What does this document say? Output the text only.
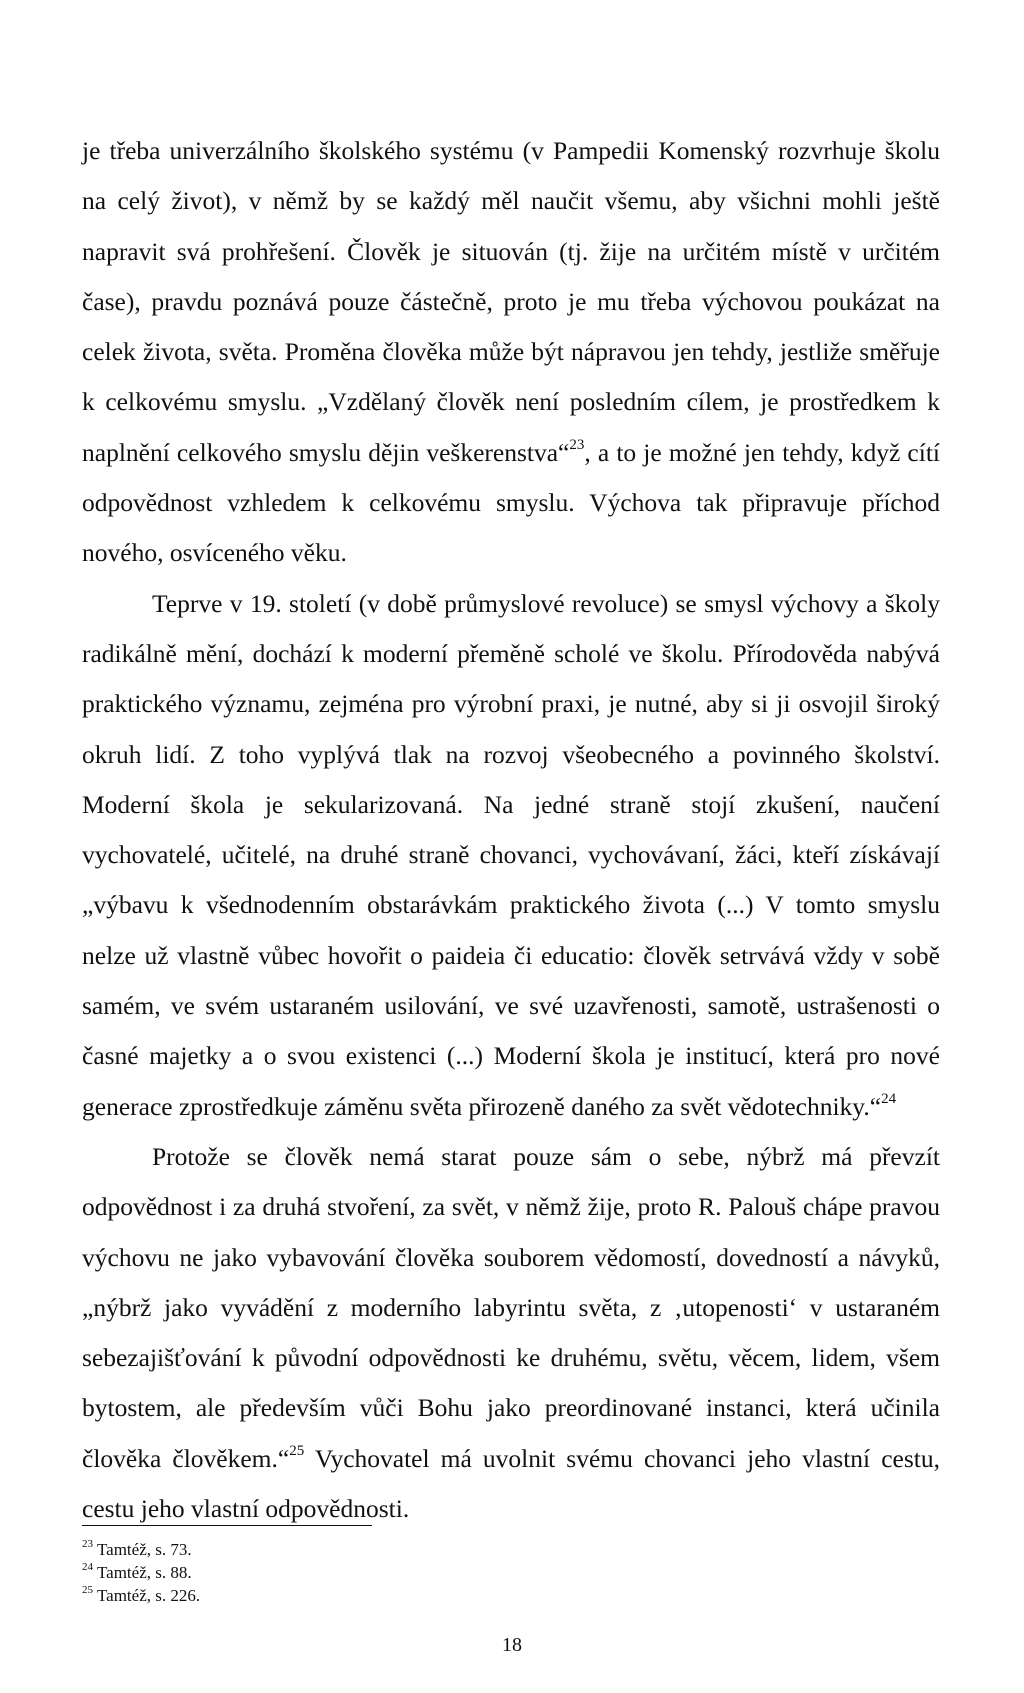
je třeba univerzálního školského systému (v Pampedii Komenský rozvrhuje školu na celý život), v němž by se každý měl naučit všemu, aby všichni mohli ještě napravit svá prohřešení. Člověk je situován (tj. žije na určitém místě v určitém čase), pravdu poznává pouze částečně, proto je mu třeba výchovou poukázat na celek života, světa. Proměna člověka může být nápravou jen tehdy, jestliže směřuje k celkovému smyslu. „Vzdělaný člověk není posledním cílem, je prostředkem k naplnění celkového smyslu dějin veškerenstva“$^{23}$, a to je možné jen tehdy, když cítí odpovědnost vzhledem k celkovému smyslu. Výchova tak připravuje příchod nového, osvíceného věku.

Teprve v 19. století (v době průmyslové revoluce) se smysl výchovy a školy radikálně mění, dochází k moderní přeměně scholé ve školu. Přírodověda nabývá praktického významu, zejména pro výrobní praxi, je nutné, aby si ji osvojil široký okruh lidí. Z toho vyplývá tlak na rozvoj všeobecného a povinného školství. Moderní škola je sekularizovaná. Na jedné straně stojí zkušení, naučení vychovatelé, učitelé, na druhé straně chovanci, vychovávaní, žáci, kteří získávají „výbavu k všednodenním obstarávkám praktického života (...) V tomto smyslu nelze už vlastně vůbec hovořit o paideia či educatio: člověk setrvává vždy v sobě samém, ve svém ustaraném usilování, ve své uzavřenosti, samotě, ustrašenosti o časné majetky a o svou existenci (...) Moderní škola je institucí, která pro nové generace zprostředkuje záměnu světa přirozeně daného za svět vědotechniky.“$^{24}$

Protože se člověk nemá starat pouze sám o sebe, nýbrž má převzít odpovědnost i za druhá stvoření, za svět, v němž žije, proto R. Palouš chápe pravou výchovu ne jako vybavování člověka souborem vědomostí, dovedností a návyků, „nýbrž jako vyvádění z moderního labyrintu světa, z ‚utopenosti‘ v ustaraném sebezajišťování k původní odpovědnosti ke druhému, světu, věcem, lidem, všem bytostem, ale především vůči Bohu jako preordinované instanci, která učinila člověka člověkem.“$^{25}$ Vychovatel má uvolnit svému chovanci jeho vlastní cestu, cestu jeho vlastní odpovědnosti.

$^{23}$ Tamtéž, s. 73.

$^{24}$ Tamtéž, s. 88.

$^{25}$ Tamtéž, s. 226.

18
